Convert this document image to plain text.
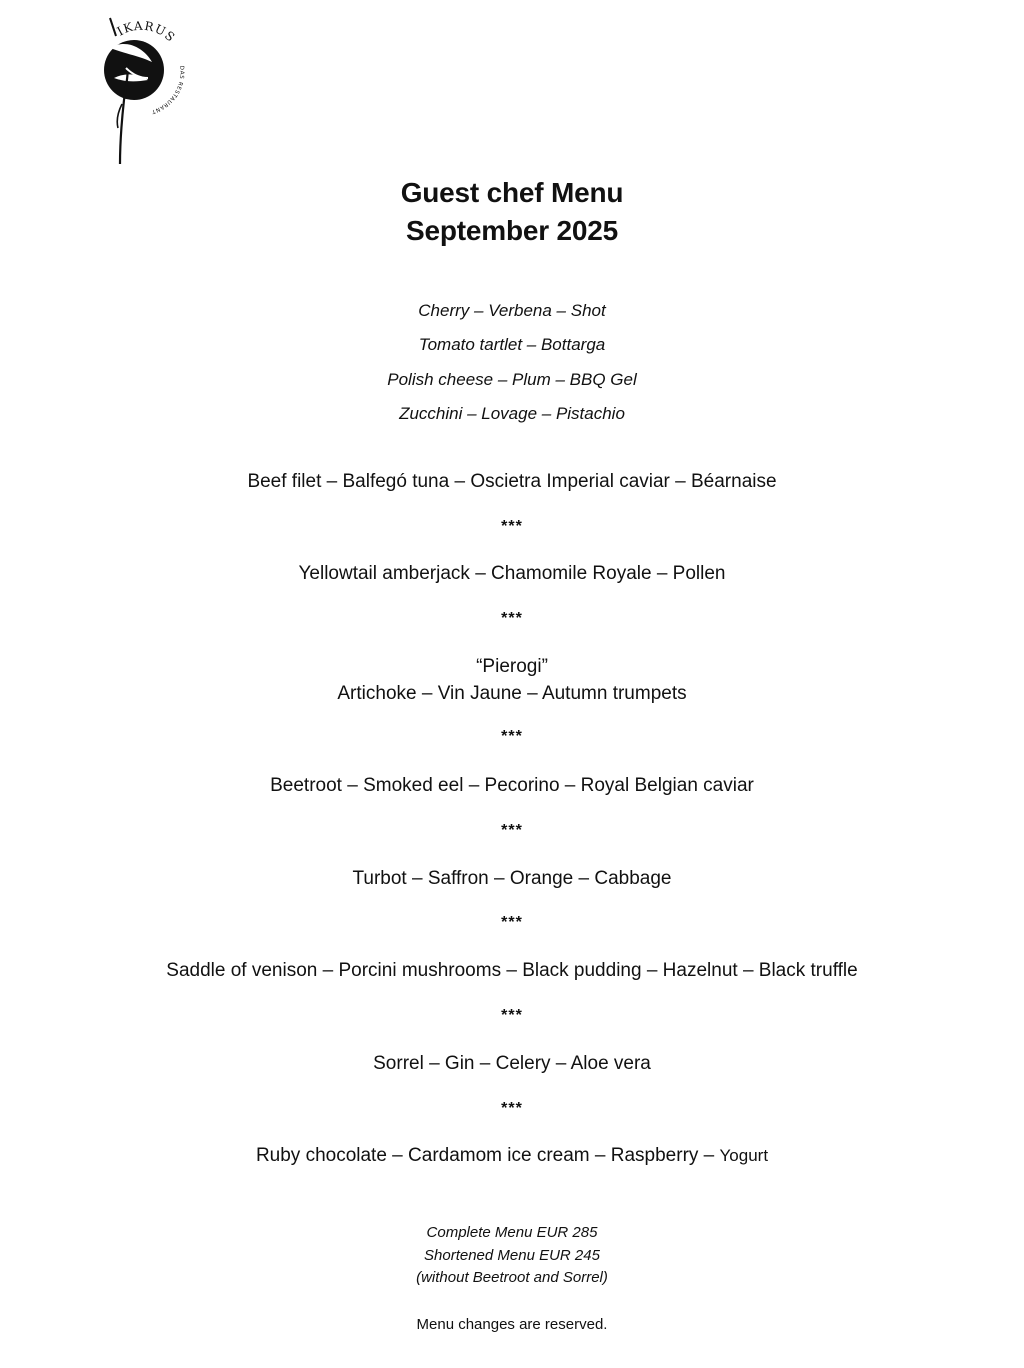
IKARUS
DAS RESTAURANT
Guest chef Menu
September 2025

Cherry – Verbena – Shot

Tomato tartlet – Bottarga

Polish cheese – Plum – BBQ Gel

Zucchini – Lovage – Pistachio

Beef filet – Balfegó tuna – Oscietra Imperial caviar – Béarnaise

***

Yellowtail amberjack – Chamomile Royale – Pollen

***

“Pierogi”

Artichoke – Vin Jaune – Autumn trumpets

***

Beetroot – Smoked eel – Pecorino – Royal Belgian caviar

***

Turbot – Saffron – Orange – Cabbage

***

Saddle of venison – Porcini mushrooms – Black pudding – Hazelnut – Black truffle

***

Sorrel – Gin – Celery – Aloe vera

***

Ruby chocolate – Cardamom ice cream – Raspberry – Yogurt

Complete Menu EUR 285

Shortened Menu EUR 245

(without Beetroot and Sorrel)

Menu changes are reserved.
